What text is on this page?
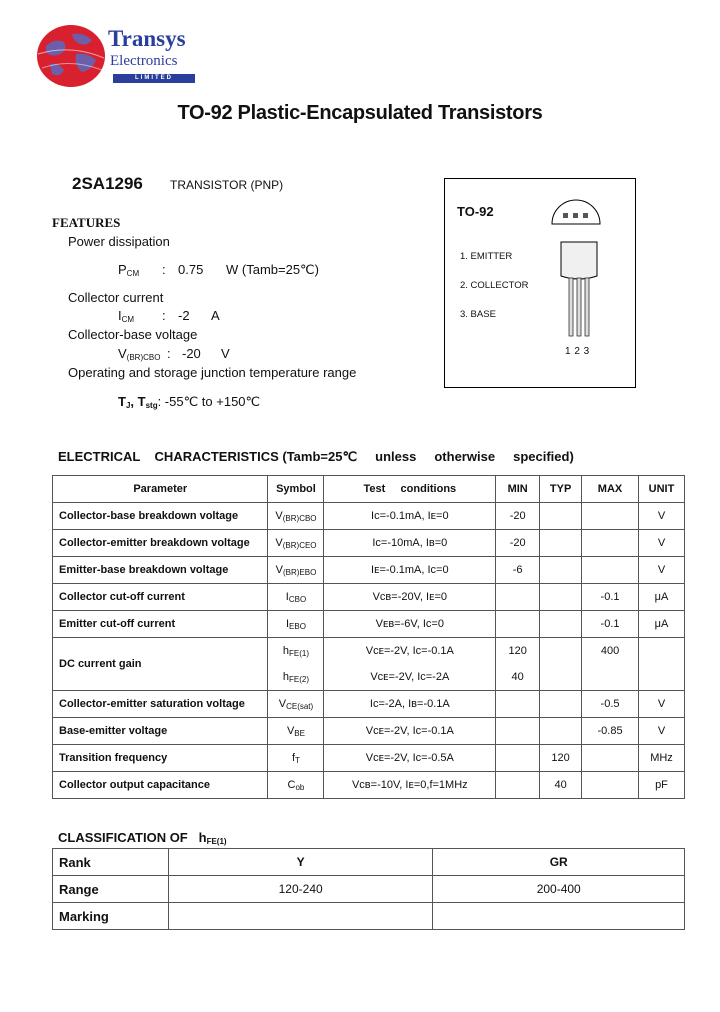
Transys
Electronics
LIMITED
TO-92 Plastic-Encapsulated Transistors
2SA1296 TRANSISTOR (PNP)
FEATURES
Power dissipation
$P_{CM}$ : 0.75 W (Tamb=25℃)
Collector current
$I_{CM}$ : -2 A
Collector-base voltage
$V_{(BR)CBO}$ : -20 V
Operating and storage junction temperature range
$T_J$, $T_{stg}$: -55℃ to +150℃
TO-92
1. EMITTER
2. COLLECTOR
3. BASE
1 2 3
ELECTRICAL    CHARACTERISTICS (Tamb=25℃     unless     otherwise     specified)
Parameter	Symbol	Test     conditions	MIN	TYP	MAX	UNIT
Collector-base breakdown voltage	$V_{(BR)CBO}$	Iᴄ=-0.1mA, Iᴇ=0	-20			V
Collector-emitter breakdown voltage	$V_{(BR)CEO}$	Iᴄ=-10mA, Iʙ=0	-20			V
Emitter-base breakdown voltage	$V_{(BR)EBO}$	Iᴇ=-0.1mA, Iᴄ=0	-6			V
Collector cut-off current	$I_{CBO}$	Vᴄʙ=-20V, Iᴇ=0			-0.1	μA
Emitter cut-off current	$I_{EBO}$	Vᴇʙ=-6V, Iᴄ=0			-0.1	μA
DC current gain	$h_{FE(1)}$	Vᴄᴇ=-2V, Iᴄ=-0.1A	120		400	
	$h_{FE(2)}$	Vᴄᴇ=-2V, Iᴄ=-2A	40			
Collector-emitter saturation voltage	$V_{CE(sat)}$	Iᴄ=-2A, Iʙ=-0.1A			-0.5	V
Base-emitter voltage	$V_{BE}$	Vᴄᴇ=-2V, Iᴄ=-0.1A			-0.85	V
Transition frequency	$f_T$	Vᴄᴇ=-2V, Iᴄ=-0.5A		120		MHz
Collector output capacitance	$C_{ob}$	Vᴄʙ=-10V, Iᴇ=0,f=1MHz		40		pF
CLASSIFICATION OF $h_{FE(1)}$
Rank	Y	GR
Range	120-240	200-400
Marking		
